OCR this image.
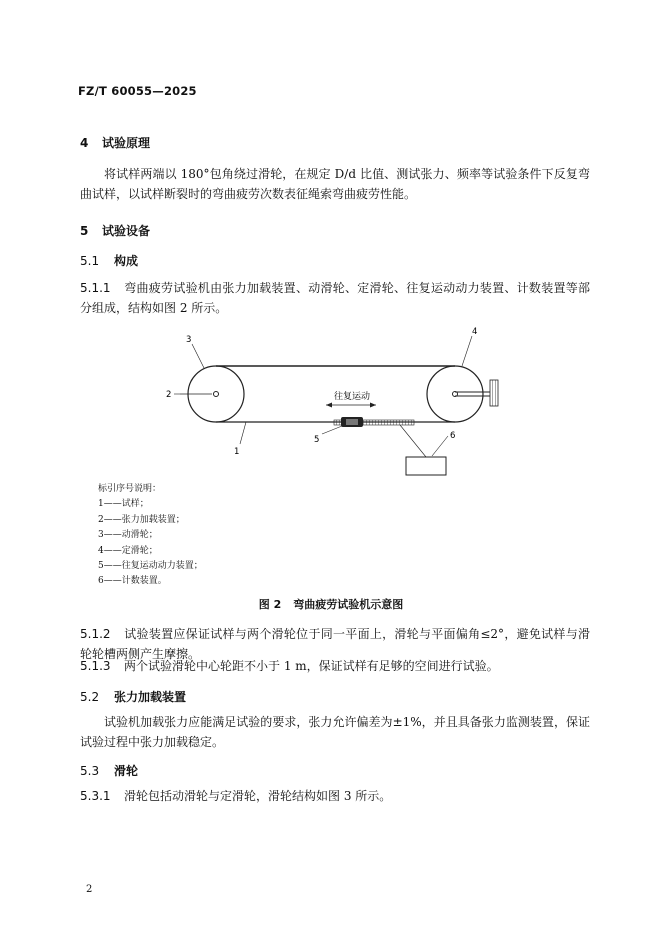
FZ/T 60055—2025
4 试验原理
将试样两端以 180°包角绕过滑轮，在规定 D/d 比值、测试张力、频率等试验条件下反复弯曲试样，以试样断裂时的弯曲疲劳次数表征绳索弯曲疲劳性能。
5 试验设备
5.1 构成
5.1.1 弯曲疲劳试验机由张力加载装置、动滑轮、定滑轮、往复运动动力装置、计数装置等部分组成，结构如图 2 所示。
往复运动
3
2
4
1
5	6
标引序号说明：
1——试样；
2——张力加载装置；
3——动滑轮；
4——定滑轮；
5——往复运动动力装置；
6——计数装置。
图 2 弯曲疲劳试验机示意图
5.1.2 试验装置应保证试样与两个滑轮位于同一平面上，滑轮与平面偏角≤2°，避免试样与滑轮轮槽两侧产生摩擦。
5.1.3 两个试验滑轮中心轮距不小于 1 m，保证试样有足够的空间进行试验。
5.2 张力加载装置
试验机加载张力应能满足试验的要求，张力允许偏差为±1%，并且具备张力监测装置，保证试验过程中张力加载稳定。
5.3 滑轮
5.3.1 滑轮包括动滑轮与定滑轮，滑轮结构如图 3 所示。
2
